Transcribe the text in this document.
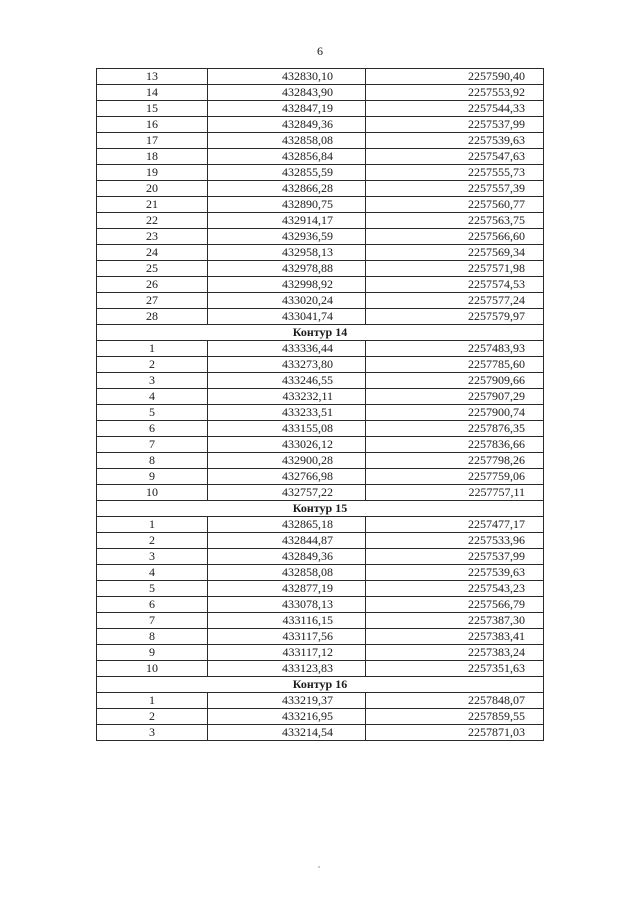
6
13	432830,10	2257590,40
14	432843,90	2257553,92
15	432847,19	2257544,33
16	432849,36	2257537,99
17	432858,08	2257539,63
18	432856,84	2257547,63
19	432855,59	2257555,73
20	432866,28	2257557,39
21	432890,75	2257560,77
22	432914,17	2257563,75
23	432936,59	2257566,60
24	432958,13	2257569,34
25	432978,88	2257571,98
26	432998,92	2257574,53
27	433020,24	2257577,24
28	433041,74	2257579,97
Контур 14		
1	433336,44	2257483,93
2	433273,80	2257785,60
3	433246,55	2257909,66
4	433232,11	2257907,29
5	433233,51	2257900,74
6	433155,08	2257876,35
7	433026,12	2257836,66
8	432900,28	2257798,26
9	432766,98	2257759,06
10	432757,22	2257757,11
Контур 15		
1	432865,18	2257477,17
2	432844,87	2257533,96
3	432849,36	2257537,99
4	432858,08	2257539,63
5	432877,19	2257543,23
6	433078,13	2257566,79
7	433116,15	2257387,30
8	433117,56	2257383,41
9	433117,12	2257383,24
10	433123,83	2257351,63
Контур 16		
1	433219,37	2257848,07
2	433216,95	2257859,55
3	433214,54	2257871,03
